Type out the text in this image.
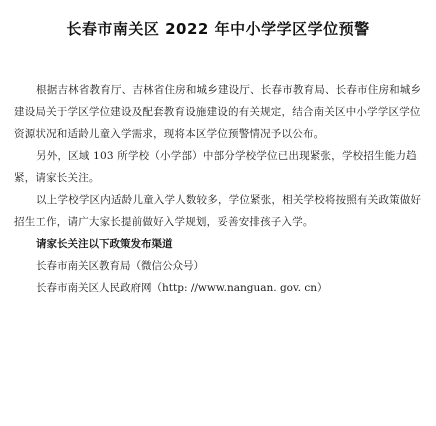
长春市南关区 2022 年中小学学区学位预警

根据吉林省教育厅、吉林省住房和城乡建设厅、长春市教育局、长春市住房和城乡建设局关于学区学位建设及配套教育设施建设的有关规定，结合南关区中小学学区学位资源状况和适龄儿童入学需求，现将本区学位预警情况予以公布。

另外，区域 103 所学校（小学部）中部分学校学位已出现紧张，学校招生能力趋紧，请家长关注。

以上学校学区内适龄儿童入学人数较多，学位紧张，相关学校将按照有关政策做好招生工作，请广大家长提前做好入学规划，妥善安排孩子入学。

请家长关注以下政策发布渠道

长春市南关区教育局（微信公众号）

长春市南关区人民政府网（http: //www.nanguan. gov. cn）
